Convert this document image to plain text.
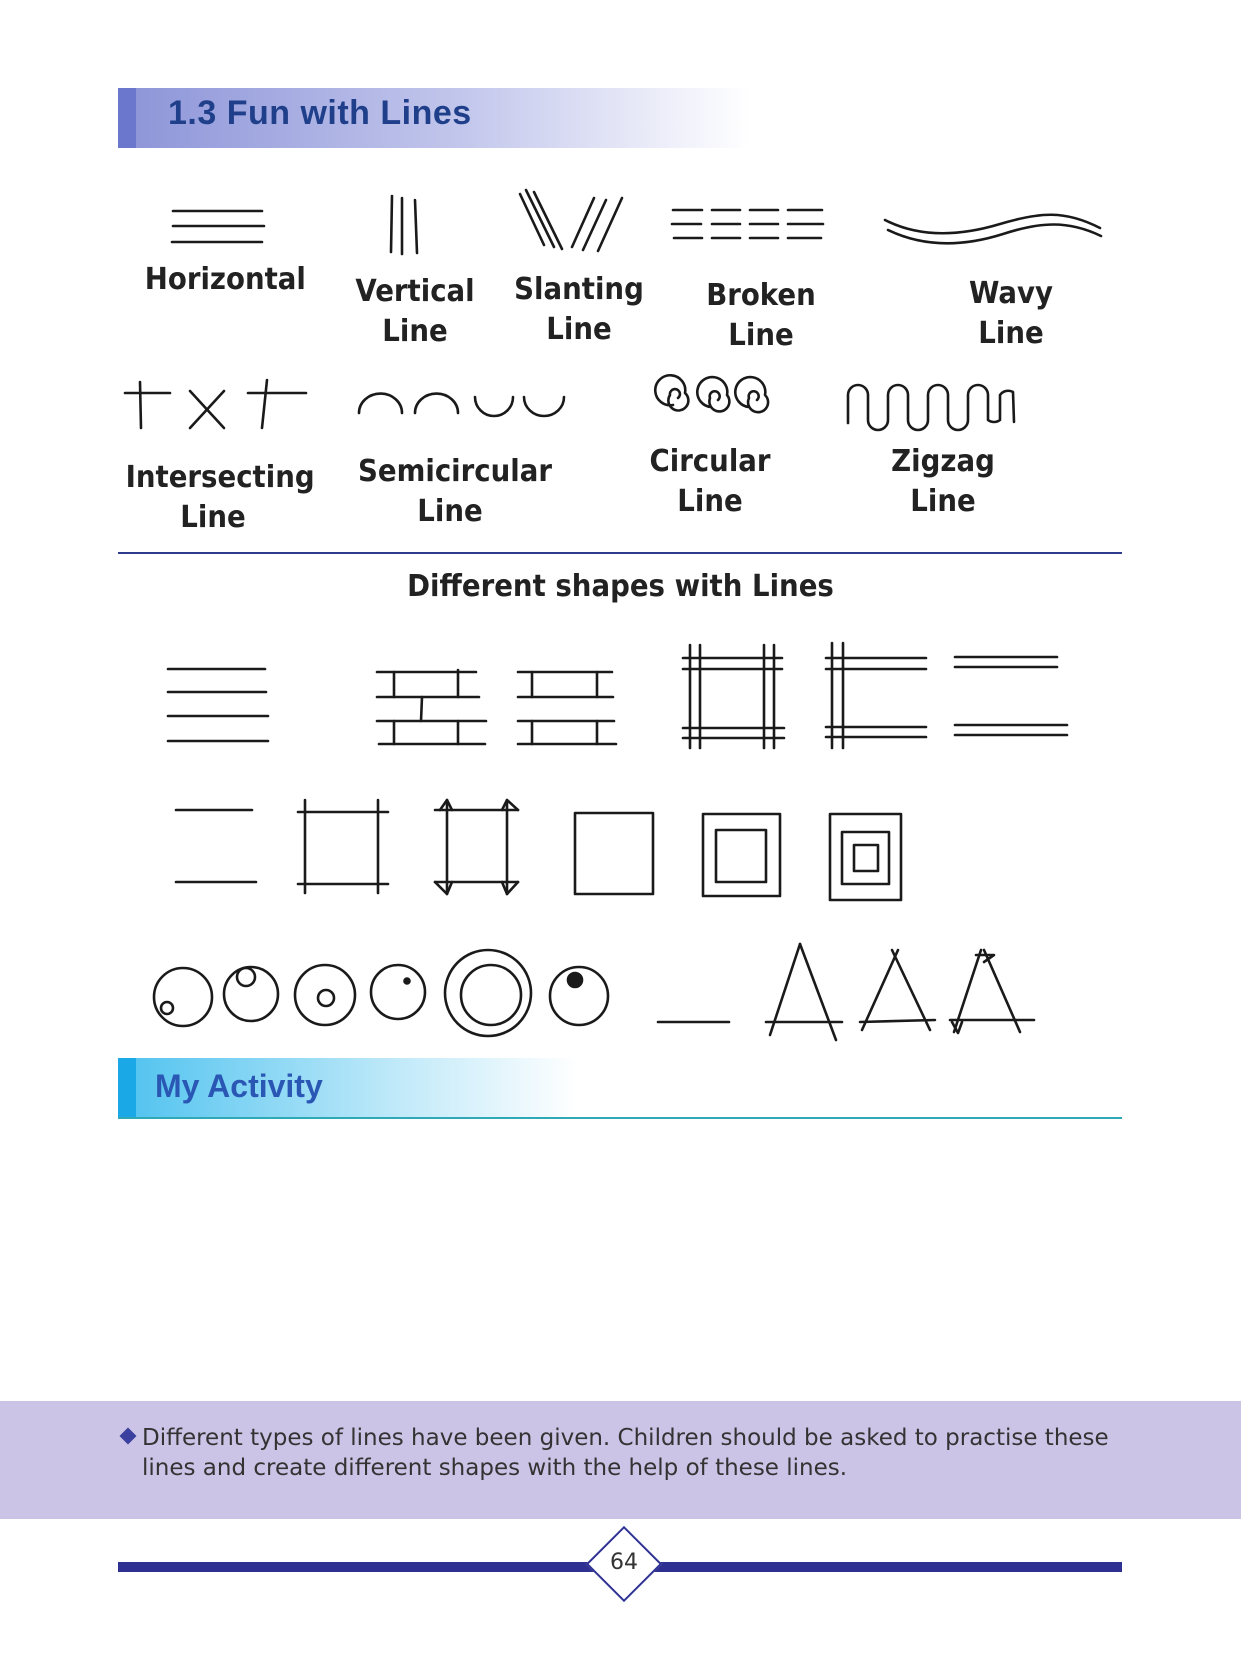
1.3 Fun with Lines
Horizontal	Vertical
Line
Slanting
Line
Broken
Line
Wavy
Line
Intersecting
Line
Semicircular
Line
Circular
Line
Zigzag
Line
Different shapes with Lines
My Activity
Different types of lines have been given. Children should be asked to practise these lines and create different shapes with the help of these lines.
64
